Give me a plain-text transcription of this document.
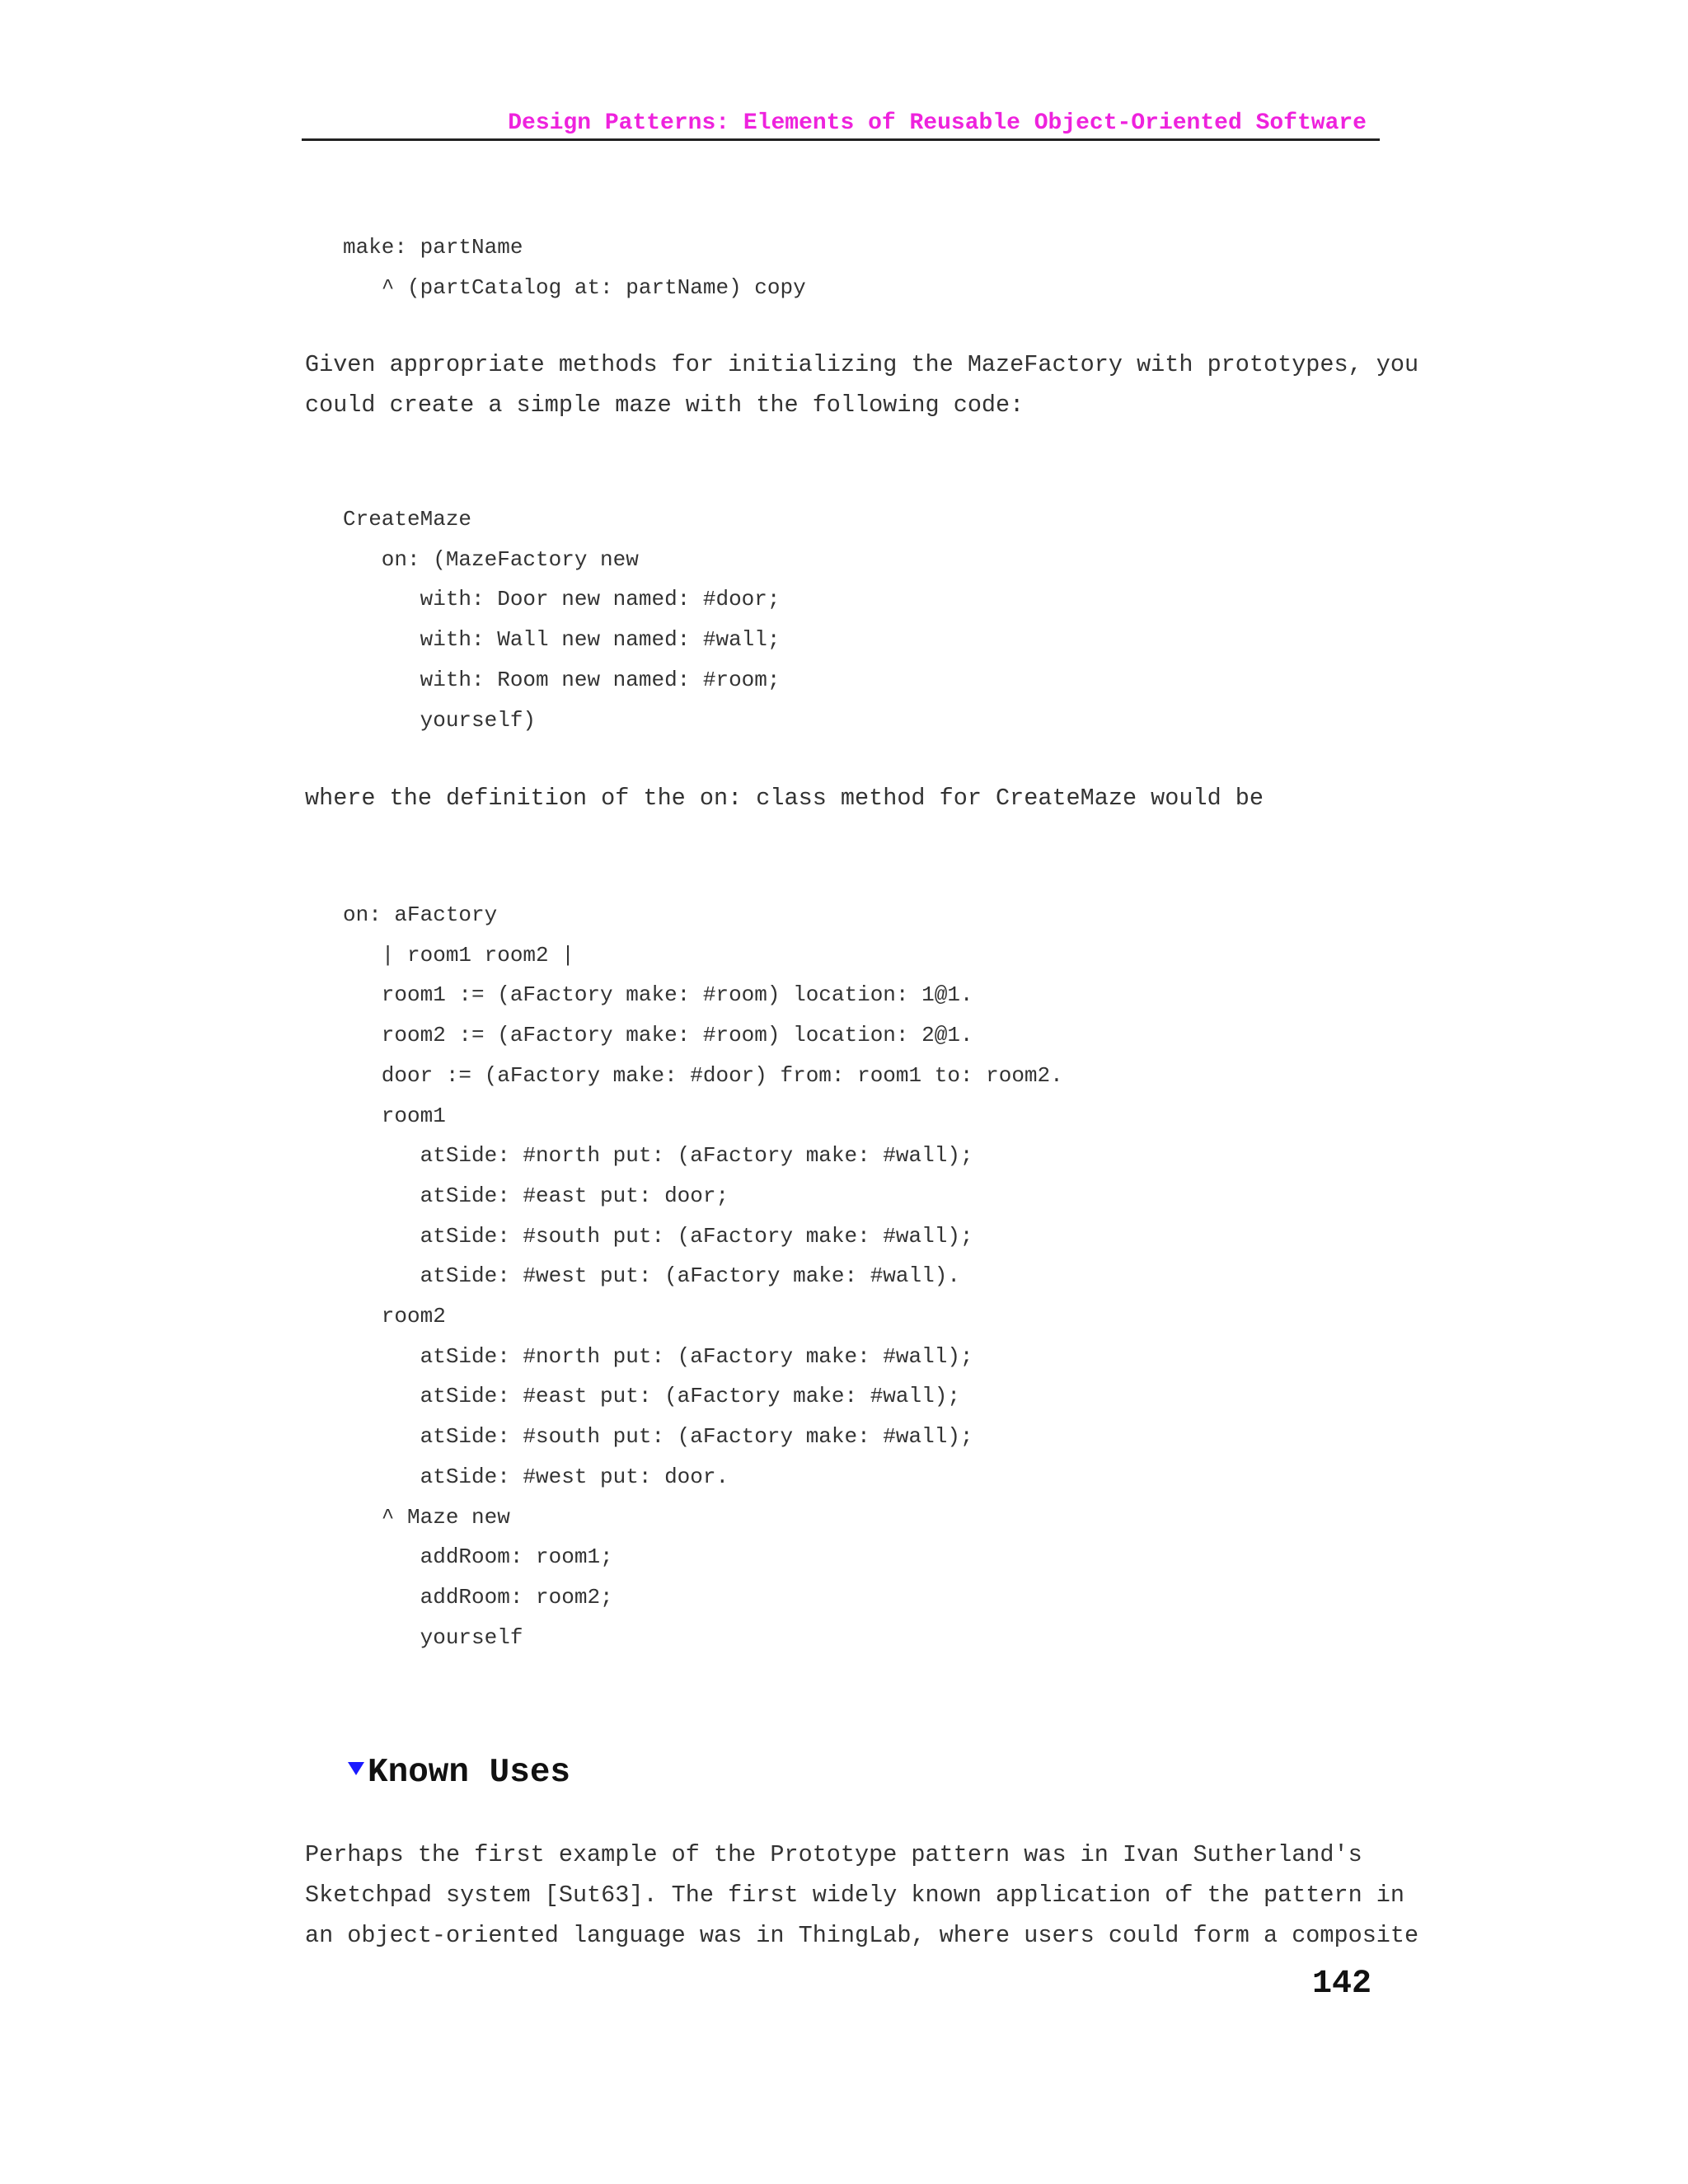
Design Patterns: Elements of Reusable Object-Oriented Software
make: partName
^ (partCatalog at: partName) copy
Given appropriate methods for initializing the MazeFactory with prototypes, you
could create a simple maze with the following code:
CreateMaze
on: (MazeFactory new
with: Door new named: #door;
with: Wall new named: #wall;
with: Room new named: #room;
yourself)
where the definition of the on: class method for CreateMaze would be
on: aFactory
| room1 room2 |
room1 := (aFactory make: #room) location: 1@1.
room2 := (aFactory make: #room) location: 2@1.
door := (aFactory make: #door) from: room1 to: room2.
room1
atSide: #north put: (aFactory make: #wall);
atSide: #east put: door;
atSide: #south put: (aFactory make: #wall);
atSide: #west put: (aFactory make: #wall).
room2
atSide: #north put: (aFactory make: #wall);
atSide: #east put: (aFactory make: #wall);
atSide: #south put: (aFactory make: #wall);
atSide: #west put: door.
^ Maze new
addRoom: room1;
addRoom: room2;
yourself
Known Uses
Perhaps the first example of the Prototype pattern was in Ivan Sutherland's
Sketchpad system [Sut63]. The first widely known application of the pattern in
an object-oriented language was in ThingLab, where users could form a composite
142
